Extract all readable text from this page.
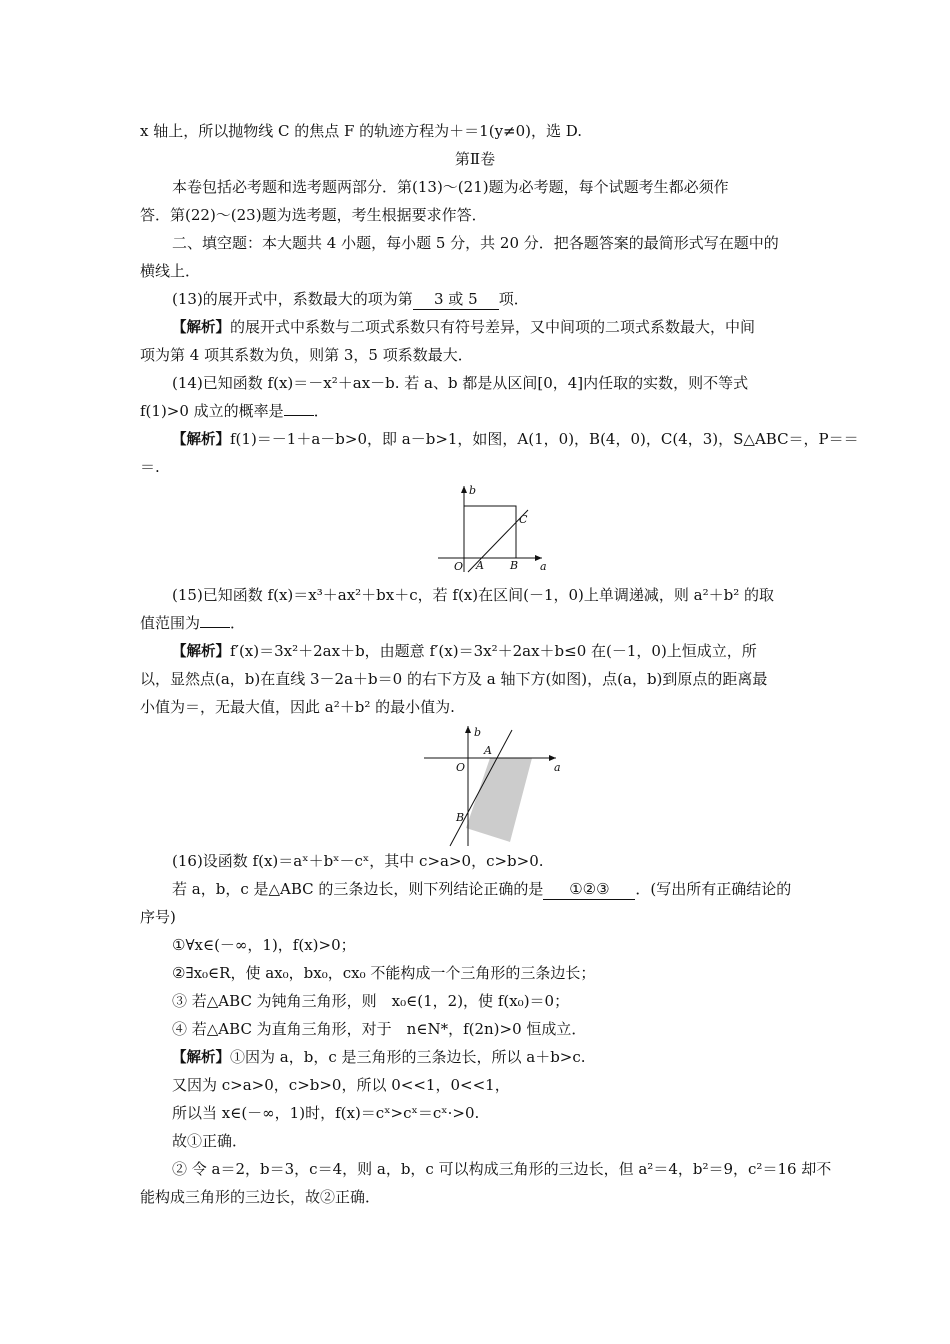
x 轴上，所以抛物线 C 的焦点 F 的轨迹方程为＋＝1(y≠0)，选 D.
第Ⅱ卷
本卷包括必考题和选考题两部分．第(13)～(21)题为必考题，每个试题考生都必须作
答．第(22)～(23)题为选考题，考生根据要求作答．
二、填空题：本大题共 4 小题，每小题 5 分，共 20 分．把各题答案的最简形式写在题中的
横线上．
(13)的展开式中，系数最大的项为第 3 或 5 项．
【解析】的展开式中系数与二项式系数只有符号差异，又中间项的二项式系数最大，中间
项为第 4 项其系数为负，则第 3，5 项系数最大．
(14)已知函数 f(x)＝－x²＋ax－b. 若 a、b 都是从区间[0，4]内任取的实数，则不等式
f(1)>0 成立的概率是 ．
【解析】f(1)＝－1＋a－b>0，即 a－b>1，如图，A(1，0)，B(4，0)，C(4，3)，S△ABC＝，P＝＝
＝.
b
a
O A B
C
(15)已知函数 f(x)＝x³＋ax²＋bx＋c，若 f(x)在区间(－1，0)上单调递减，则 a²＋b² 的取
值范围为 ．
【解析】f′(x)＝3x²＋2ax＋b，由题意 f′(x)＝3x²＋2ax＋b≤0 在(－1，0)上恒成立，所
以，显然点(a，b)在直线 3－2a＋b＝0 的右下方及 a 轴下方(如图)，点(a，b)到原点的距离最
小值为＝，无最大值，因此 a²＋b² 的最小值为.
b
a
O
A
B
(16)设函数 f(x)＝aˣ＋bˣ－cˣ，其中 c>a>0，c>b>0.
若 a，b，c 是△ABC 的三条边长，则下列结论正确的是 ①②③ ．(写出所有正确结论的
序号)
①∀x∈(－∞，1)，f(x)>0；
②∃x₀∈R，使 ax₀，bx₀，cx₀ 不能构成一个三角形的三条边长；
③ 若△ABC 为钝角三角形，则　x₀∈(1，2)，使 f(x₀)＝0；
④ 若△ABC 为直角三角形，对于　n∈N*，f(2n)>0 恒成立．
【解析】①因为 a，b，c 是三角形的三条边长，所以 a＋b>c.
又因为 c>a>0，c>b>0，所以 0<<1，0<<1，
所以当 x∈(－∞，1)时，f(x)＝cˣ>cˣ＝cˣ·>0.
故①正确．
② 令 a＝2，b＝3，c＝4，则 a，b，c 可以构成三角形的三边长，但 a²＝4，b²＝9，c²＝16 却不
能构成三角形的三边长，故②正确．
